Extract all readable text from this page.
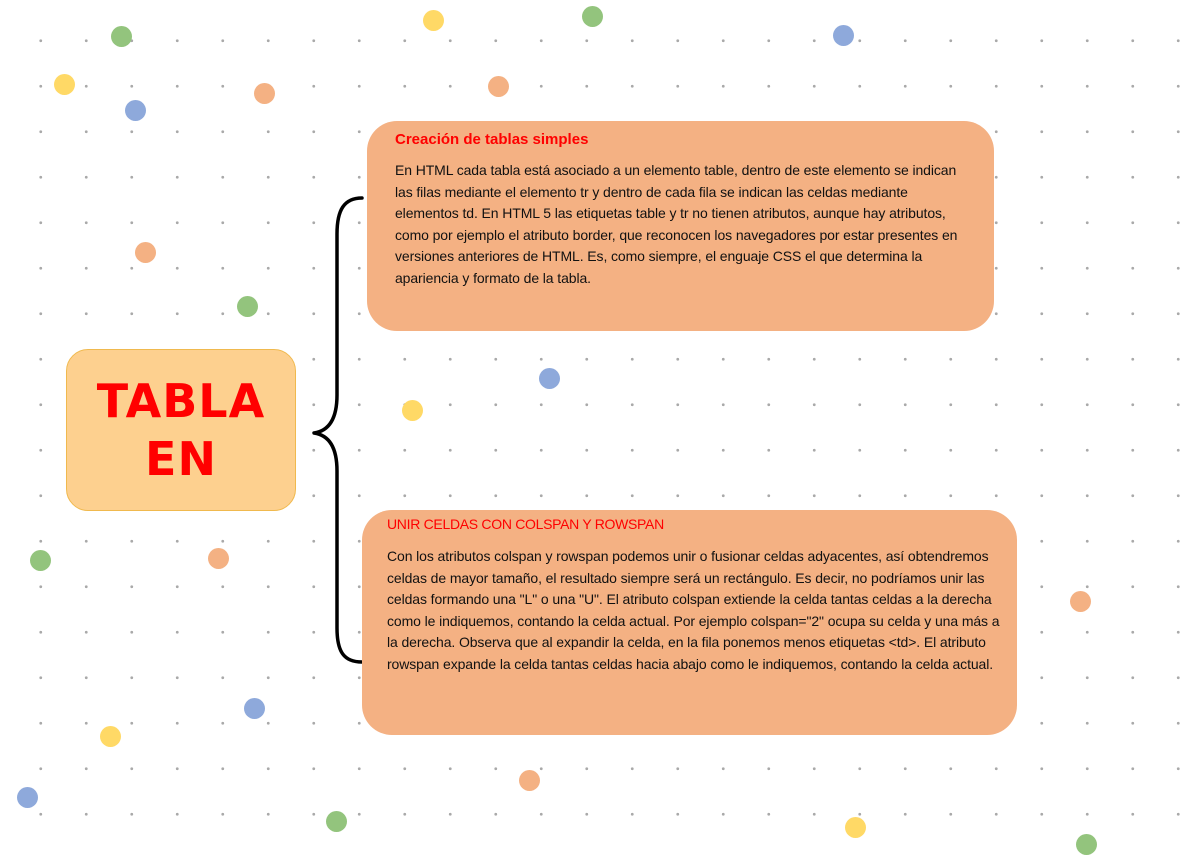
TABLA
EN
Creación de tablas simples

En HTML cada tabla está asociado a un elemento table, dentro de este elemento se indican las filas mediante el elemento tr y dentro de cada fila se indican las celdas mediante elementos td. En HTML 5 las etiquetas table y tr no tienen atributos, aunque hay atributos, como por ejemplo el atributo border, que reconocen los navegadores por estar presentes en versiones anteriores de HTML. Es, como siempre, el enguaje CSS el que determina la apariencia y formato de la tabla.

UNIR CELDAS CON COLSPAN Y ROWSPAN

Con los atributos colspan y rowspan podemos unir o fusionar celdas adyacentes, así obtendremos celdas de mayor tamaño, el resultado siempre será un rectángulo. Es decir, no podríamos unir las celdas formando una "L" o una "U". El atributo colspan extiende la celda tantas celdas a la derecha como le indiquemos, contando la celda actual. Por ejemplo colspan="2" ocupa su celda y una más a la derecha. Observa que al expandir la celda, en la fila ponemos menos etiquetas <td>. El atributo rowspan expande la celda tantas celdas hacia abajo como le indiquemos, contando la celda actual.
